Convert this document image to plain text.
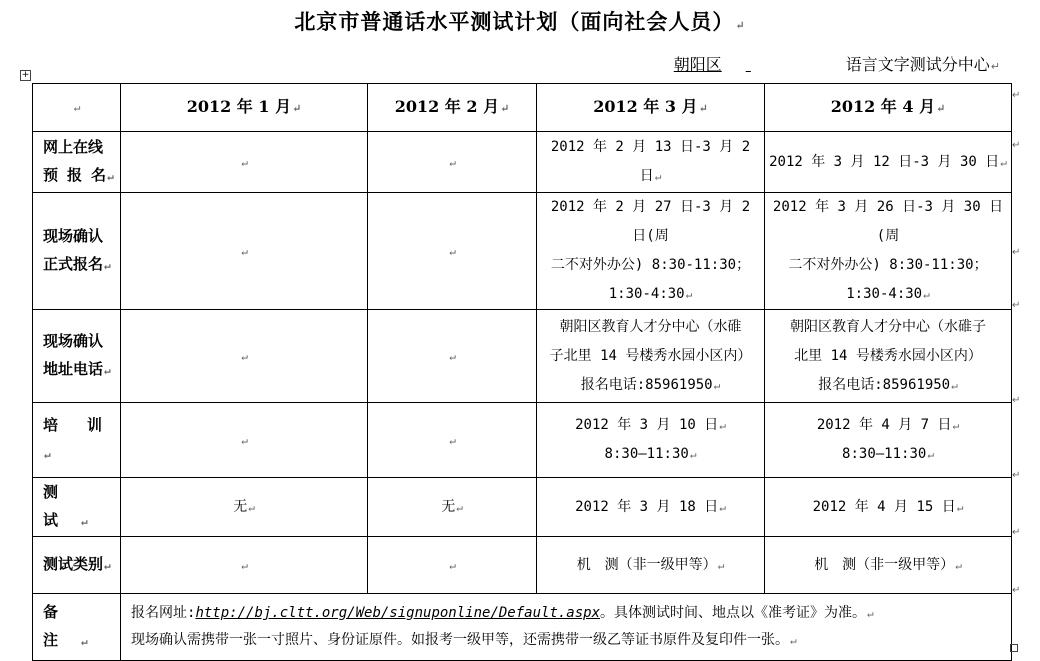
北京市普通话水平测试计划（面向社会人员）↵
朝阳区	语言文字测试分中心↵
+
↵	2012 年 1 月↵	2012 年 2 月↵	2012 年 3 月↵	2012 年 4 月↵
网上在线
预 报 名↵	↵	↵	2012 年 2 月 13 日-3 月 2 日↵	2012 年 3 月 12 日-3 月 30 日↵
现场确认
正式报名↵	↵	↵	2012 年 2 月 27 日-3 月 2 日(周
二不对外办公) 8:30-11:30；
1:30-4:30↵	2012 年 3 月 26 日-3 月 30 日 (周
二不对外办公) 8:30-11:30；
1:30-4:30↵
现场确认
地址电话↵	↵	↵	朝阳区教育人才分中心（水碓
子北里 14 号楼秀水园小区内）
报名电话:85961950↵	朝阳区教育人才分中心（水碓子
北里 14 号楼秀水园小区内）
报名电话:85961950↵
培 训↵	↵	↵	2012 年 3 月 10 日↵
8:30—11:30↵	2012 年 4 月 7 日↵
8:30—11:30↵
测 试↵	无↵	无↵	2012 年 3 月 18 日↵	2012 年 4 月 15 日↵
测试类别↵	↵	↵	机　测（非一级甲等）↵	机　测（非一级甲等）↵
备 注↵	报名网址:http://bj.cltt.org/Web/signuponline/Default.aspx。具体测试时间、地点以《准考证》为准。↵
现场确认需携带一张一寸照片、身份证原件。如报考一级甲等，还需携带一级乙等证书原件及复印件一张。↵			
↵
↵
↵
↵
↵
↵
↵
↵
